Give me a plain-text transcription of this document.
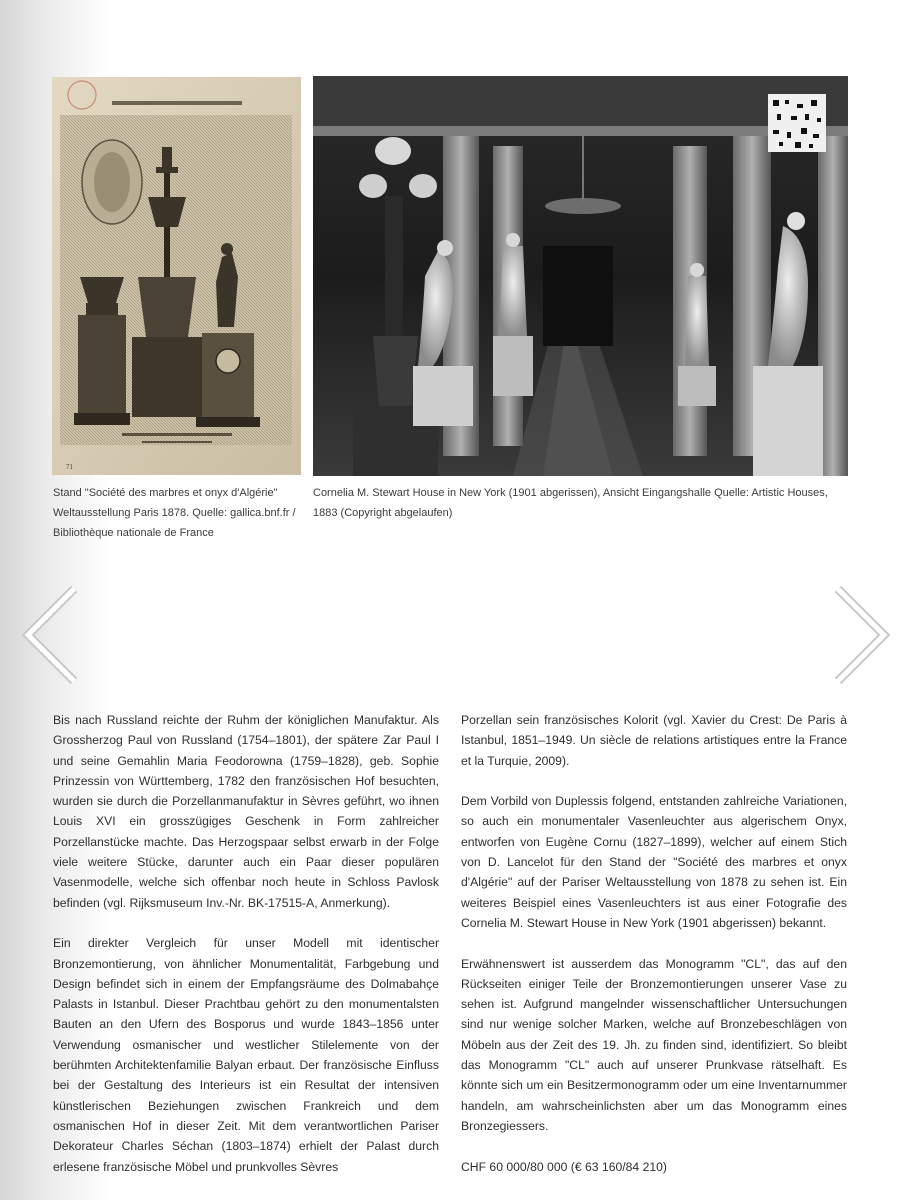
71
Stand "Société des marbres et onyx d'Algérie" Weltausstellung Paris 1878. Quelle: gallica.bnf.fr / Bibliothèque nationale de France
Cornelia M. Stewart House in New York (1901 abgerissen), Ansicht Eingangshalle Quelle: Artistic Houses, 1883 (Copyright abgelaufen)

Bis nach Russland reichte der Ruhm der königlichen Manufaktur. Als Grossherzog Paul von Russland (1754–1801), der spätere Zar Paul I und seine Gemahlin Maria Feodorowna (1759–1828), geb. Sophie Prinzessin von Württemberg, 1782 den französischen Hof besuchten, wurden sie durch die Porzellanmanufaktur in Sèvres geführt, wo ihnen Louis XVI ein grosszügiges Geschenk in Form zahlreicher Porzellanstücke machte. Das Herzogspaar selbst erwarb in der Folge viele weitere Stücke, darunter auch ein Paar dieser populären Vasenmodelle, welche sich offenbar noch heute in Schloss Pavlosk befinden (vgl. Rijksmuseum Inv.-Nr. BK-17515-A, Anmerkung).

Ein direkter Vergleich für unser Modell mit identischer Bronzemontierung, von ähnlicher Monumentalität, Farbgebung und Design befindet sich in einem der Empfangsräume des Dolmabahçe Palasts in Istanbul. Dieser Prachtbau gehört zu den monumentalsten Bauten an den Ufern des Bosporus und wurde 1843–1856 unter Verwendung osmanischer und westlicher Stilelemente von der berühmten Architektenfamilie Balyan erbaut. Der französische Einfluss bei der Gestaltung des Interieurs ist ein Resultat der intensiven künstlerischen Beziehungen zwischen Frankreich und dem osmanischen Hof in dieser Zeit. Mit dem verantwortlichen Pariser Dekorateur Charles Séchan (1803–1874) erhielt der Palast durch erlesene französische Möbel und prunkvolles Sèvres

Porzellan sein französisches Kolorit (vgl. Xavier du Crest: De Paris à Istanbul, 1851–1949. Un siècle de relations artistiques entre la France et la Turquie, 2009).

Dem Vorbild von Duplessis folgend, entstanden zahlreiche Variationen, so auch ein monumentaler Vasenleuchter aus algerischem Onyx, entworfen von Eugène Cornu (1827–1899), welcher auf einem Stich von D. Lancelot für den Stand der "Société des marbres et onyx d'Algérie" auf der Pariser Weltausstellung von 1878 zu sehen ist. Ein weiteres Beispiel eines Vasenleuchters ist aus einer Fotografie des Cornelia M. Stewart House in New York (1901 abgerissen) bekannt.

Erwähnenswert ist ausserdem das Monogramm "CL", das auf den Rückseiten einiger Teile der Bronzemontierungen unserer Vase zu sehen ist. Aufgrund mangelnder wissenschaftlicher Untersuchungen sind nur wenige solcher Marken, welche auf Bronzebeschlägen von Möbeln aus der Zeit des 19. Jh. zu finden sind, identifiziert. So bleibt das Monogramm "CL" auch auf unserer Prunkvase rätselhaft. Es könnte sich um ein Besitzermonogramm oder um eine Inventarnummer handeln, am wahrscheinlichsten aber um das Monogramm eines Bronzegiessers.

CHF 60 000/80 000 (€ 63 160/84 210)
